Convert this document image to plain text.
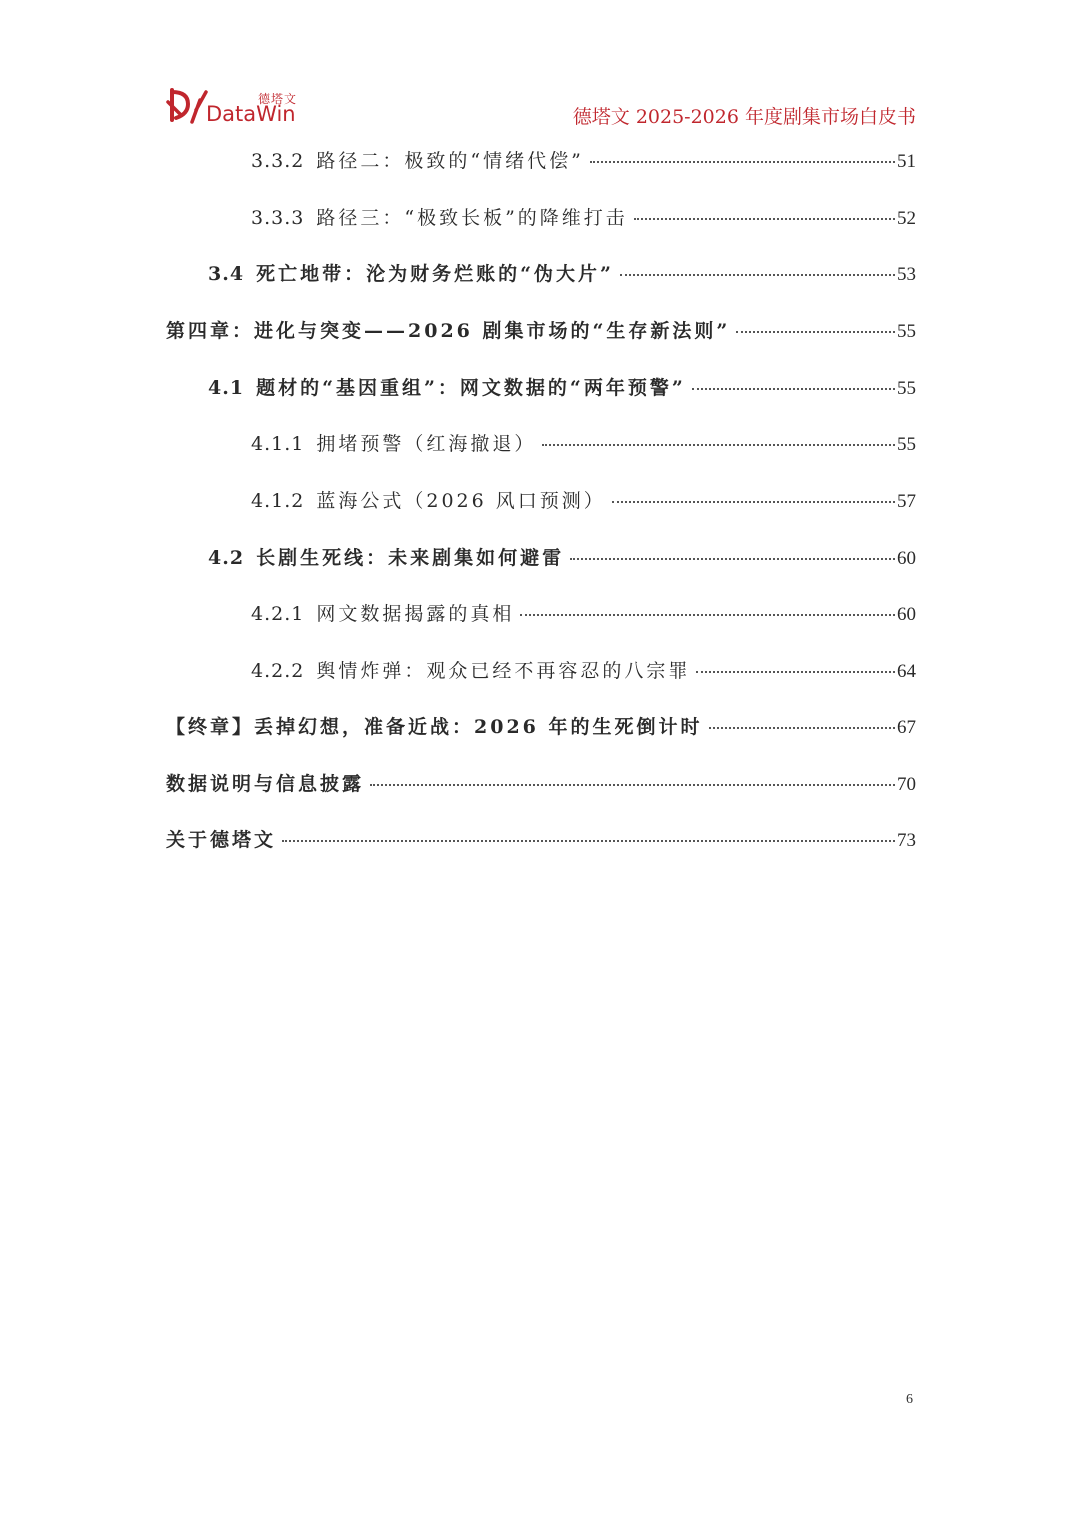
德塔文
DataWin	德塔文 2025-2026 年度剧集市场白皮书
3.3.2 路径二：极致的“情绪代偿”	51
3.3.3 路径三：“极致长板”的降维打击	52
3.4 死亡地带：沦为财务烂账的“伪大片”	53
第四章：进化与突变——2026 剧集市场的“生存新法则”	55
4.1 题材的“基因重组”：网文数据的“两年预警”	55
4.1.1 拥堵预警（红海撤退）	55
4.1.2 蓝海公式（2026 风口预测）	57
4.2 长剧生死线：未来剧集如何避雷	60
4.2.1 网文数据揭露的真相	60
4.2.2 舆情炸弹：观众已经不再容忍的八宗罪	64
【终章】丢掉幻想，准备近战：2026 年的生死倒计时	67
数据说明与信息披露	70
关于德塔文	73
6
